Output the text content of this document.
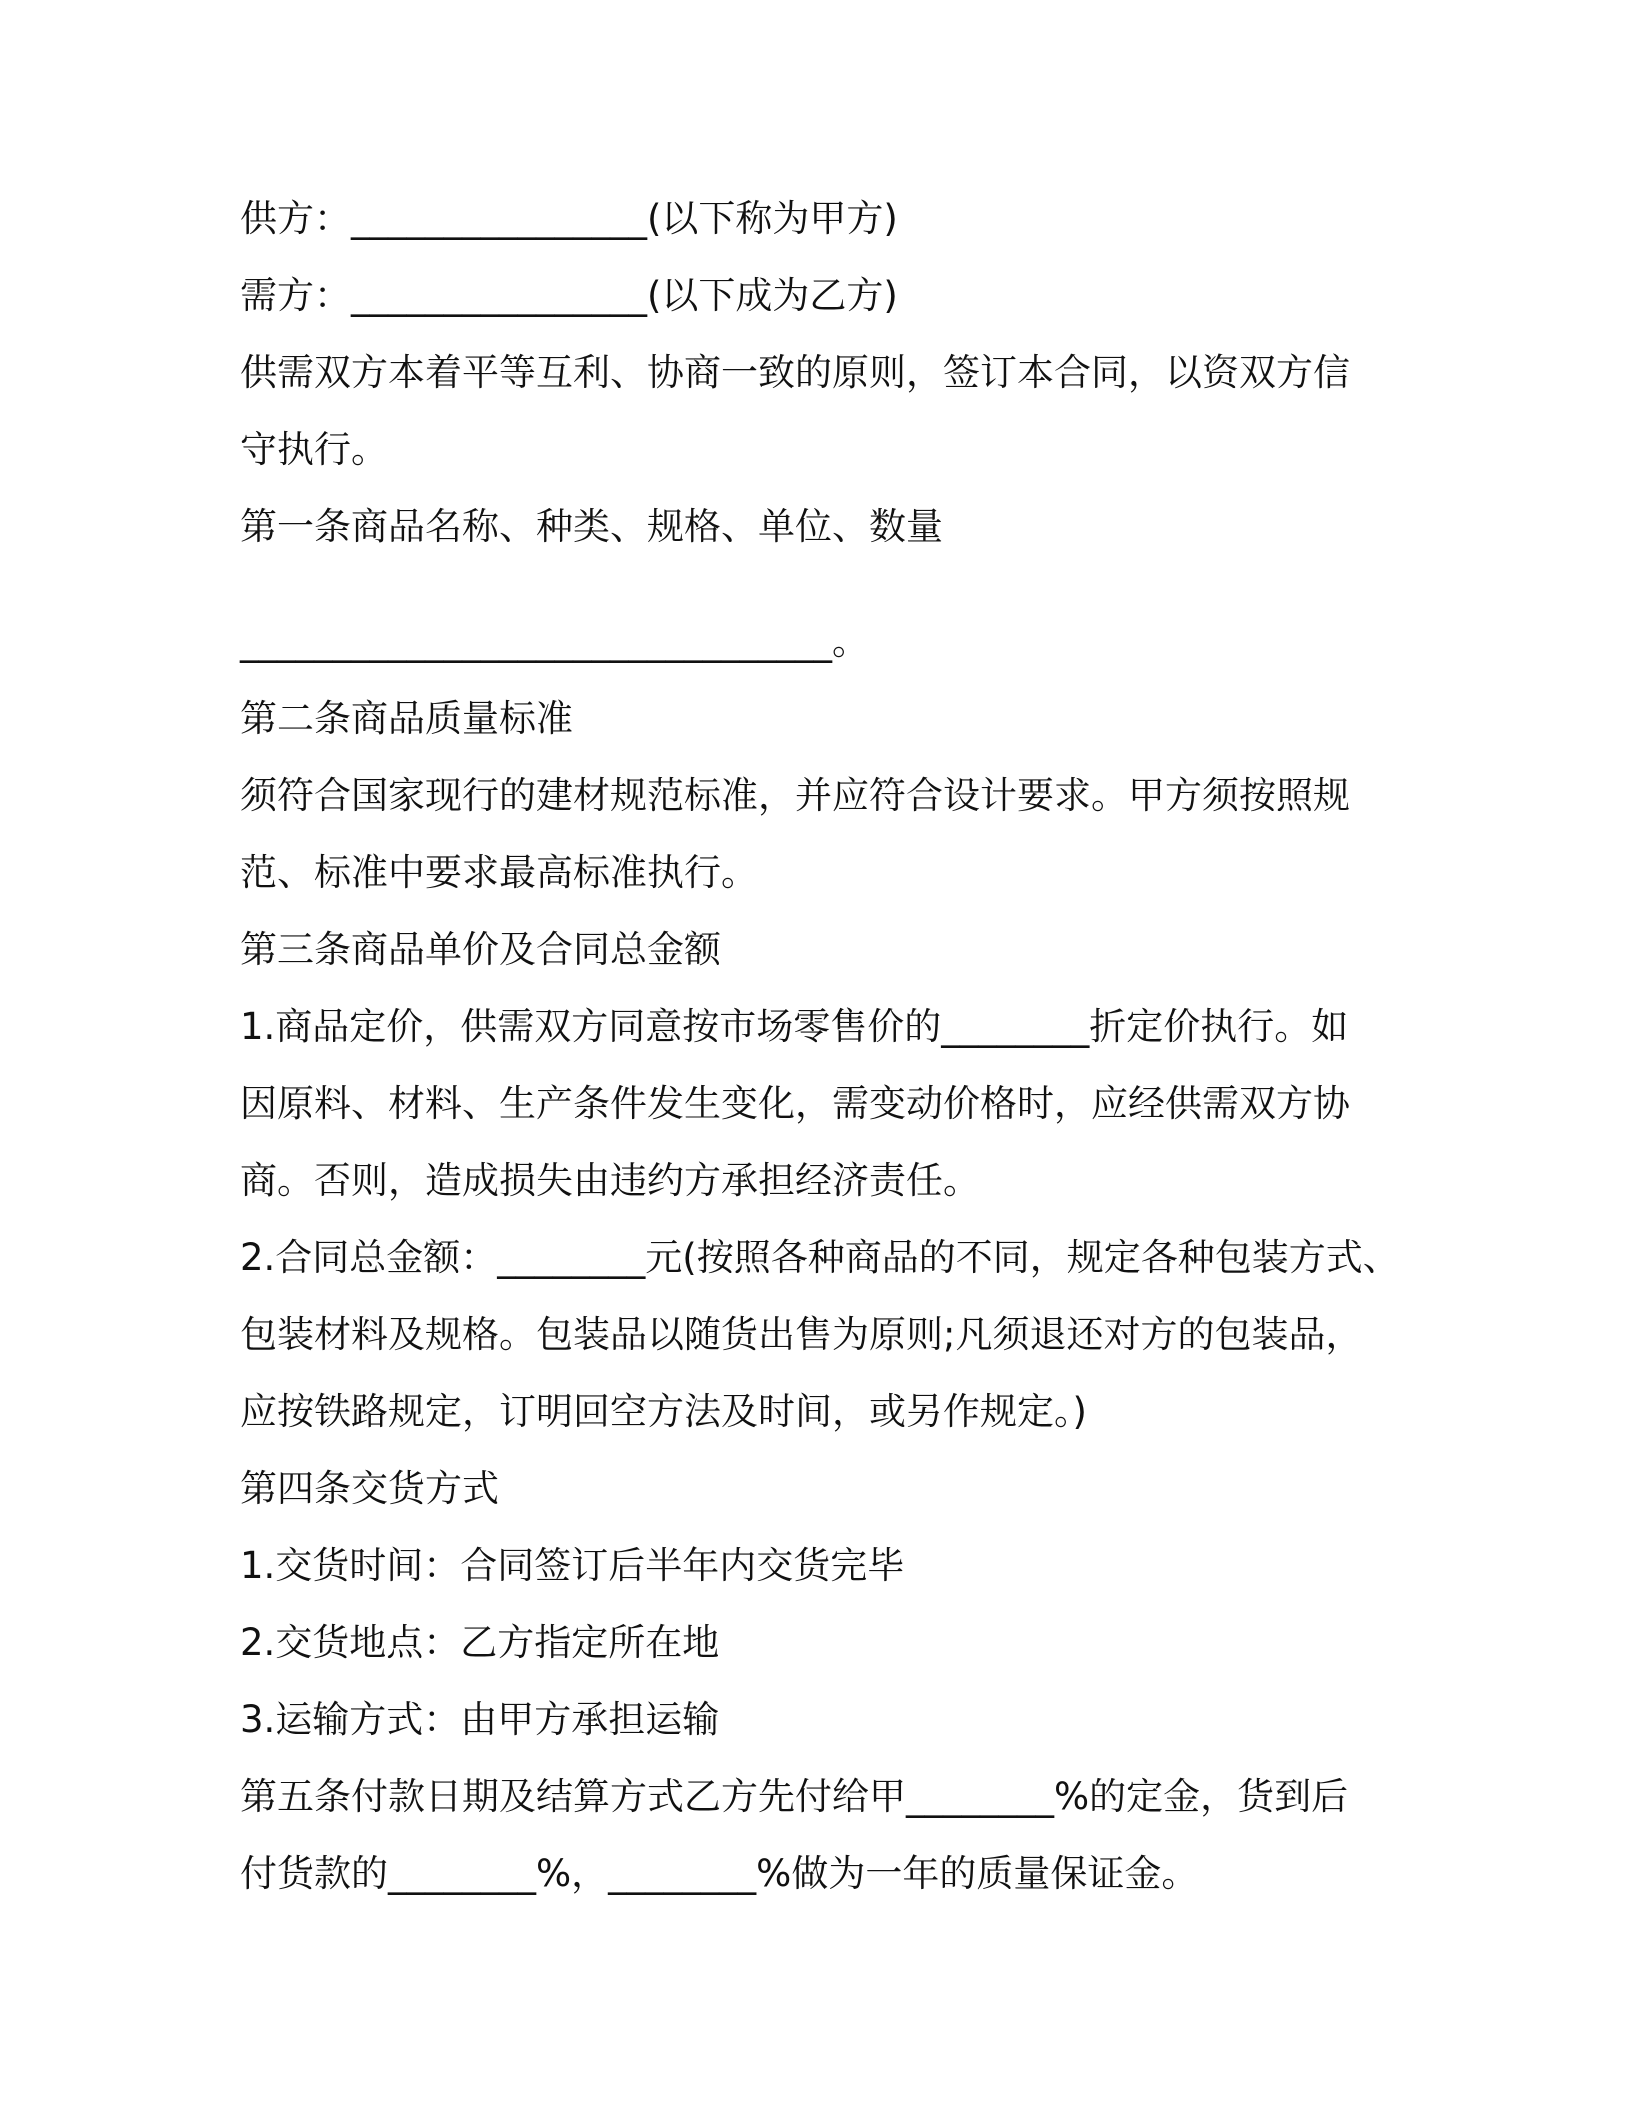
供方：________________(以下称为甲方)
需方：________________(以下成为乙方)
供需双方本着平等互利、协商一致的原则，签订本合同，以资双方信
守执行。
第一条商品名称、种类、规格、单位、数量
________________________________。
第二条商品质量标准
须符合国家现行的建材规范标准，并应符合设计要求。甲方须按照规
范、标准中要求最高标准执行。
第三条商品单价及合同总金额
1.商品定价，供需双方同意按市场零售价的________折定价执行。如
因原料、材料、生产条件发生变化，需变动价格时，应经供需双方协
商。否则，造成损失由违约方承担经济责任。
2.合同总金额：________元(按照各种商品的不同，规定各种包装方式、
包装材料及规格。包装品以随货出售为原则;凡须退还对方的包装品，
应按铁路规定，订明回空方法及时间，或另作规定。)
第四条交货方式
1.交货时间：合同签订后半年内交货完毕
2.交货地点：乙方指定所在地
3.运输方式：由甲方承担运输
第五条付款日期及结算方式乙方先付给甲________%的定金，货到后
付货款的________%，________%做为一年的质量保证金。
